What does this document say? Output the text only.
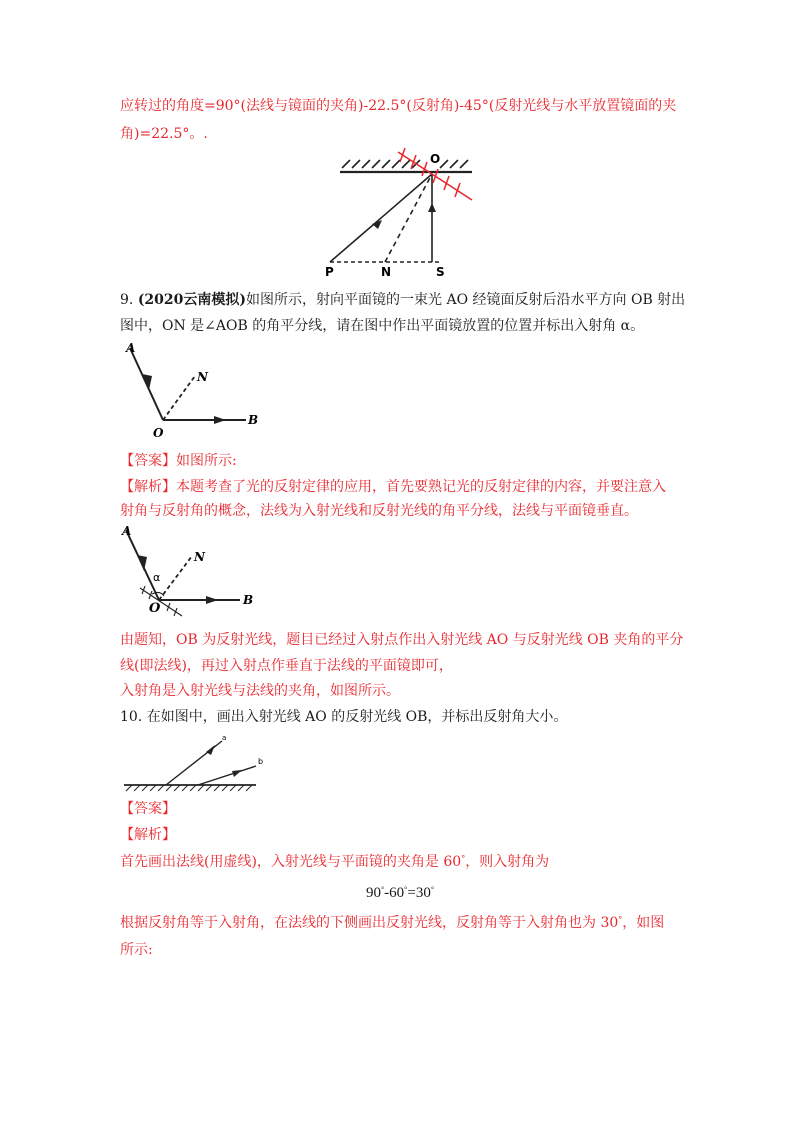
应转过的角度=90°(法线与镜面的夹角)-22.5°(反射角)-45°(反射光线与水平放置镜面的夹
角)=22.5°。.
O
P	N	S
9. (2020云南模拟)如图所示，射向平面镜的一束光 AO 经镜面反射后沿水平方向 OB 射出
图中，ON 是∠AOB 的角平分线，请在图中作出平面镜放置的位置并标出入射角 α。
A
N
O
B
【答案】如图所示:
【解析】本题考查了光的反射定律的应用，首先要熟记光的反射定律的内容，并要注意入
射角与反射角的概念，法线为入射光线和反射光线的角平分线，法线与平面镜垂直。
A
N
α
O
B
由题知，OB 为反射光线，题目已经过入射点作出入射光线 AO 与反射光线 OB 夹角的平分
线(即法线)，再过入射点作垂直于法线的平面镜即可，
入射角是入射光线与法线的夹角，如图所示。
10. 在如图中，画出入射光线 AO 的反射光线 OB，并标出反射角大小。
a
b
【答案】
【解析】
首先画出法线(用虚线)，入射光线与平面镜的夹角是 60°，则入射角为
90°-60°=30°
根据反射角等于入射角，在法线的下侧画出反射光线，反射角等于入射角也为 30°，如图
所示:
